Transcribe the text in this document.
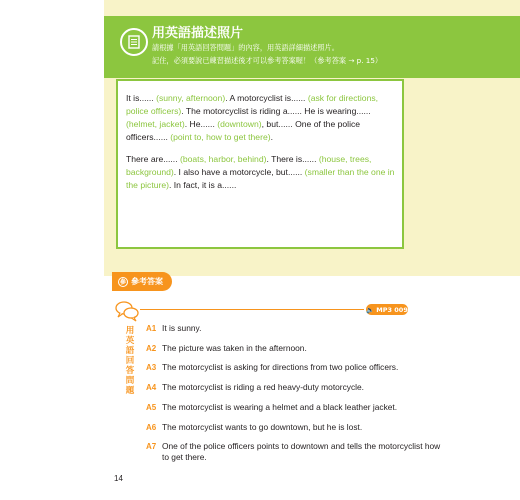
用英語描述照片
請根據「用英語回答問題」的內容，用英語詳細描述照片。
記住，必須要說已練習描述後才可以參考答案喔！（參考答案 → p. 15）
It is...... (sunny, afternoon). A motorcyclist is...... (ask for directions, police officers). The motorcyclist is riding a...... He is wearing...... (helmet, jacket). He...... (downtown), but...... One of the police officers...... (point to, how to get there).
There are...... (boats, harbor, behind). There is...... (house, trees, background). I also have a motorcycle, but...... (smaller than the one in the picture). In fact, it is a......
參 參考答案
🔈 MP3 009
用英語回答問題
A1 It is sunny.
A2 The picture was taken in the afternoon.
A3 The motorcyclist is asking for directions from two police officers.
A4 The motorcyclist is riding a red heavy-duty motorcycle.
A5 The motorcyclist is wearing a helmet and a black leather jacket.
A6 The motorcyclist wants to go downtown, but he is lost.
A7 One of the police officers points to downtown and tells the motorcyclist how to get there.
14
